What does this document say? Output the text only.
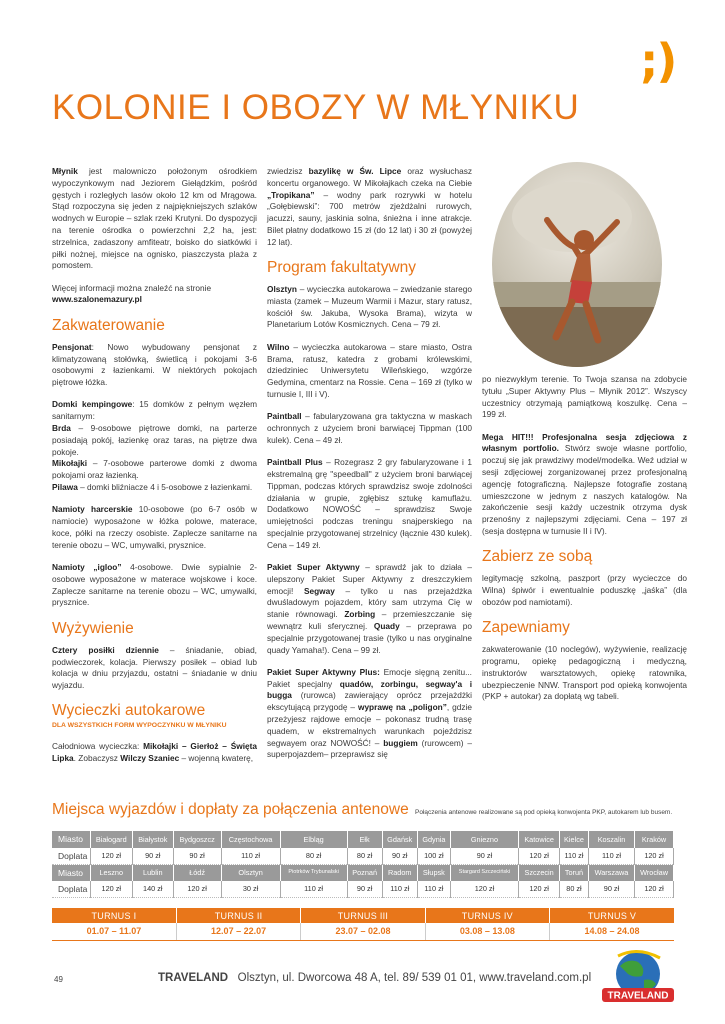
;)
KOLONIE I OBOZY W MŁYNIKU

Młynik jest malowniczo położonym ośrodkiem wypoczynkowym nad Jeziorem Giełądzkim, pośród gęstych i rozległych lasów około 12 km od Mrągowa. Stąd rozpoczyna się jeden z najpiękniejszych szlaków wodnych w Europie – szlak rzeki Krutyni. Do dyspozycji na terenie ośrodka o powierzchni 2,2 ha, jest: strzelnica, zadaszony amfiteatr, boisko do siatkówki i piłki nożnej, miejsce na ognisko, piaszczysta plaża z pomostem.

Więcej informacji można znaleźć na stronie
www.szalonemazury.pl

Zakwaterowanie

Pensjonat: Nowo wybudowany pensjonat z klimatyzowaną stołówką, świetlicą i pokojami 3-6 osobowymi z łazienkami. W niektórych pokojach piętrowe łóżka.

Domki kempingowe: 15 domków z pełnym węzłem sanitarnym:

Brda – 9-osobowe piętrowe domki, na parterze posiadają pokój, łazienkę oraz taras, na piętrze dwa pokoje.

Mikołajki – 7-osobowe parterowe domki z dwoma pokojami oraz łazienką.

Pilawa – domki bliźniacze 4 i 5-osobowe z łazienkami.

Namioty harcerskie 10-osobowe (po 6-7 osób w namiocie) wyposażone w łóżka polowe, materace, koce, półki na rzeczy osobiste. Zaplecze sanitarne na terenie obozu – WC, umywalki, prysznice.

Namioty „igloo” 4-osobowe. Dwie sypialnie 2-osobowe wyposażone w materace wojskowe i koce. Zaplecze sanitarne na terenie obozu – WC, umywalki, prysznice.

Wyżywienie

Cztery posiłki dziennie – śniadanie, obiad, podwieczorek, kolacja. Pierwszy posiłek – obiad lub kolacja w dniu przyjazdu, ostatni – śniadanie w dniu wyjazdu.

Wycieczki autokarowe
DLA WSZYSTKICH FORM WYPOCZYNKU W MŁYNIKU

Całodniowa wycieczka: Mikołajki – Gierłoż – Święta Lipka. Zobaczysz Wilczy Szaniec – wojenną kwaterę,

zwiedzisz bazylikę w Św. Lipce oraz wysłuchasz koncertu organowego. W Mikołajkach czeka na Ciebie „Tropikana” – wodny park rozrywki w hotelu „Gołębiewski”: 700 metrów zjeżdżalni rurowych, jacuzzi, sauny, jaskinia solna, śnieżna i inne atrakcje. Bilet płatny dodatkowo 15 zł (do 12 lat) i 30 zł (powyżej 12 lat).

Program fakultatywny

Olsztyn – wycieczka autokarowa – zwiedzanie starego miasta (zamek – Muzeum Warmii i Mazur, stary ratusz, kościół św. Jakuba, Wysoka Brama), wizyta w Planetarium Lotów Kosmicznych. Cena – 79 zł.

Wilno – wycieczka autokarowa – stare miasto, Ostra Brama, ratusz, katedra z grobami królewskimi, dziedziniec Uniwersytetu Wileńskiego, wzgórze Gedymina, cmentarz na Rossie. Cena – 169 zł (tylko w turnusie I, III i V).

Paintball – fabularyzowana gra taktyczna w maskach ochronnych z użyciem broni barwiącej Tippman (100 kulek). Cena – 49 zł.

Paintball Plus – Rozegrasz 2 gry fabularyzowane i 1 ekstremalną grę "speedball" z użyciem broni barwiącej Tippman, podczas których sprawdzisz swoje zdolności działania w grupie, zgłębisz sztukę kamuflażu. Dodatkowo NOWOŚĆ – sprawdzisz Swoje umiejętności podczas treningu snajperskiego na specjalnie przygotowanej strzelnicy (łącznie 430 kulek). Cena – 149 zł.

Pakiet Super Aktywny – sprawdź jak to działa – ulepszony Pakiet Super Aktywny z dreszczykiem emocji! Segway – tylko u nas przejażdżka dwuśladowym pojazdem, który sam utrzyma Cię w stanie równowagi. Zorbing – przemieszczanie się wewnątrz kuli sferycznej. Quady – przeprawa po specjalnie przygotowanej trasie (tylko u nas oryginalne quady Yamaha!). Cena – 99 zł.

Pakiet Super Aktywny Plus: Emocje sięgną zenitu... Pakiet specjalny quadów, zorbingu, segway'a i bugga (rurowca) zawierający oprócz przejażdżki ekscytującą przygodę – wyprawę na „poligon”, gdzie przeżyjesz rajdowe emocje – pokonasz trudną trasę quadem, w ekstremalnych warunkach pojeździsz segwayem oraz NOWOŚĆ! – buggiem (rurowcem) – superpojazdem– przeprawisz się

po niezwykłym terenie. To Twoja szansa na zdobycie tytułu „Super Aktywny Plus – Młynik 2012”. Wszyscy uczestnicy otrzymają pamiątkową koszulkę. Cena – 199 zł.

Mega HIT!!! Profesjonalna sesja zdjęciowa z własnym portfolio. Stwórz swoje własne portfolio, poczuj się jak prawdziwy model/modelka. Weź udział w sesji zdjęciowej zorganizowanej przez profesjonalną agencję fotograficzną. Najlepsze fotografie zostaną umieszczone w jednym z naszych katalogów. Na zakończenie sesji każdy uczestnik otrzyma dysk przenośny z najlepszymi zdjęciami. Cena – 197 zł (sesja dostępna w turnusie II i IV).

Zabierz ze sobą

legitymację szkolną, paszport (przy wycieczce do Wilna) śpiwór i ewentualnie poduszkę „jaśka” (dla obozów pod namiotami).

Zapewniamy

zakwaterowanie (10 noclegów), wyżywienie, realizację programu, opiekę pedagogiczną i medyczną, instruktorów warsztatowych, opiekę ratownika, ubezpieczenie NNW. Transport pod opieką konwojenta (PKP + autokar) za dopłatą wg tabeli.

Miejsca wyjazdów i dopłaty za połączenia antenowe Połączenia antenowe realizowane są pod opieką konwojenta PKP, autokarem lub busem.
Miasto	Białogard	Białystok	Bydgoszcz	Częstochowa	Elbląg	Ełk	Gdańsk	Gdynia	Gniezno	Katowice	Kielce	Koszalin	Kraków
Doplata	120 zł	90 zł	90 zł	110 zł	80 zł	80 zł	90 zł	100 zł	90 zł	120 zł	110 zł	110 zł	120 zł
Miasto	Leszno	Lublin	Łódź	Olsztyn	Piotrków Trybunalski	Poznań	Radom	Słupsk	Stargard Szczeciński	Szczecin	Toruń	Warszawa	Wrocław
Doplata	120 zł	140 zł	120 zł	30 zł	110 zł	90 zł	110 zł	110 zł	120 zł	120 zł	80 zł	90 zł	120 zł
TURNUS I	TURNUS II	TURNUS III	TURNUS IV	TURNUS V
01.07 – 11.07	12.07 – 22.07	23.07 – 02.08	03.08 – 13.08	14.08 – 24.08
49	TRAVELAND Olsztyn, ul. Dworcowa 48 A, tel. 89/ 539 01 01, www.traveland.com.pl
TRAVELAND
